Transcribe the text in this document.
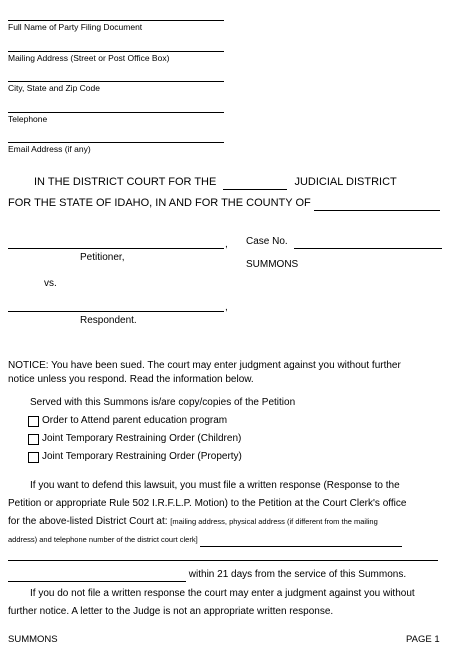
Full Name of Party Filing Document
Mailing Address (Street or Post Office Box)
City, State and Zip Code
Telephone
Email Address (if any)
IN THE DISTRICT COURT FOR THE	JUDICIAL DISTRICT
FOR THE STATE OF IDAHO, IN AND FOR THE COUNTY OF
,
Petitioner,
vs.
,
Respondent.
Case No.
SUMMONS
NOTICE: You have been sued. The court may enter judgment against you without further
notice unless you respond. Read the information below.
Served with this Summons is/are copy/copies of the Petition
Order to Attend parent education program
Joint Temporary Restraining Order (Children)
Joint Temporary Restraining Order (Property)
If you want to defend this lawsuit, you must file a written response (Response to the
Petition or appropriate Rule 502 I.R.F.L.P. Motion) to the Petition at the Court Clerk's office
for the above-listed District Court at: [mailing address, physical address (if different from the mailing
address) and telephone number of the district court clerk]
within 21 days from the service of this Summons.
If you do not file a written response the court may enter a judgment against you without
further notice. A letter to the Judge is not an appropriate written response.
SUMMONS	PAGE 1
